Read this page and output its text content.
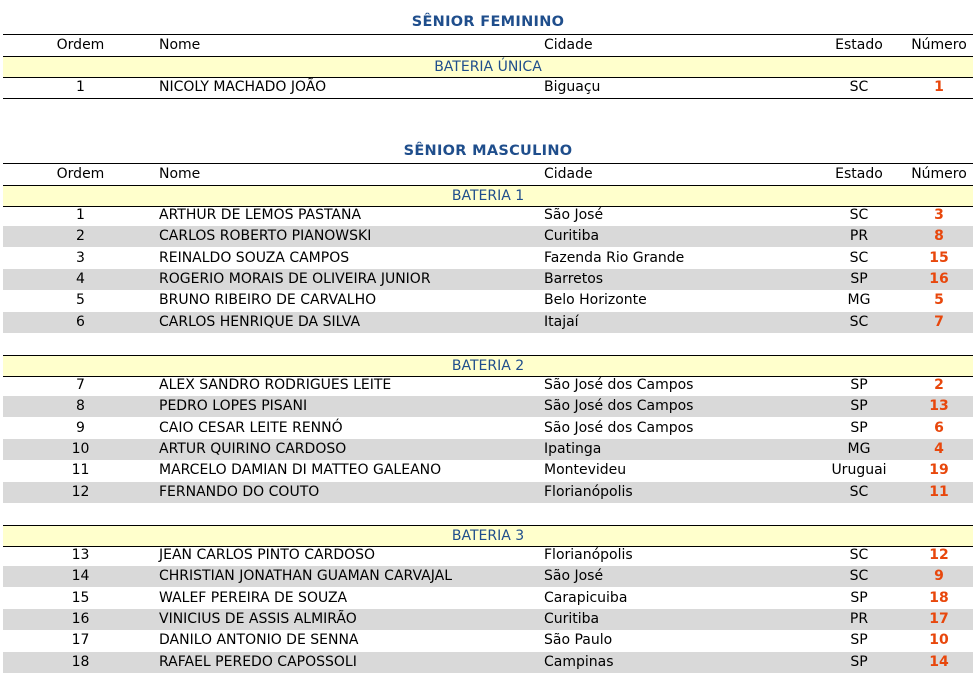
SÊNIOR FEMININO
Ordem	Nome	Cidade	Estado	Número
BATERIA ÚNICA
1	NICOLY MACHADO JOÃO	Biguaçu	SC	1
SÊNIOR MASCULINO
Ordem	Nome	Cidade	Estado	Número
BATERIA 1
1	ARTHUR DE LEMOS PASTANA	São José	SC	3
2	CARLOS ROBERTO PIANOWSKI	Curitiba	PR	8
3	REINALDO SOUZA CAMPOS	Fazenda Rio Grande	SC	15
4	ROGERIO MORAIS DE OLIVEIRA JUNIOR	Barretos	SP	16
5	BRUNO RIBEIRO DE CARVALHO	Belo Horizonte	MG	5
6	CARLOS HENRIQUE DA SILVA	Itajaí	SC	7
BATERIA 2
7	ALEX SANDRO RODRIGUES LEITE	São José dos Campos	SP	2
8	PEDRO LOPES PISANI	São José dos Campos	SP	13
9	CAIO CESAR LEITE RENNÓ	São José dos Campos	SP	6
10	ARTUR QUIRINO CARDOSO	Ipatinga	MG	4
11	MARCELO DAMIAN DI MATTEO GALEANO	Montevideu	Uruguai	19
12	FERNANDO DO COUTO	Florianópolis	SC	11
BATERIA 3
13	JEAN CARLOS PINTO CARDOSO	Florianópolis	SC	12
14	CHRISTIAN JONATHAN GUAMAN CARVAJAL	São José	SC	9
15	WALEF PEREIRA DE SOUZA	Carapicuiba	SP	18
16	VINICIUS DE ASSIS ALMIRÃO	Curitiba	PR	17
17	DANILO ANTONIO DE SENNA	São Paulo	SP	10
18	RAFAEL PEREDO CAPOSSOLI	Campinas	SP	14
